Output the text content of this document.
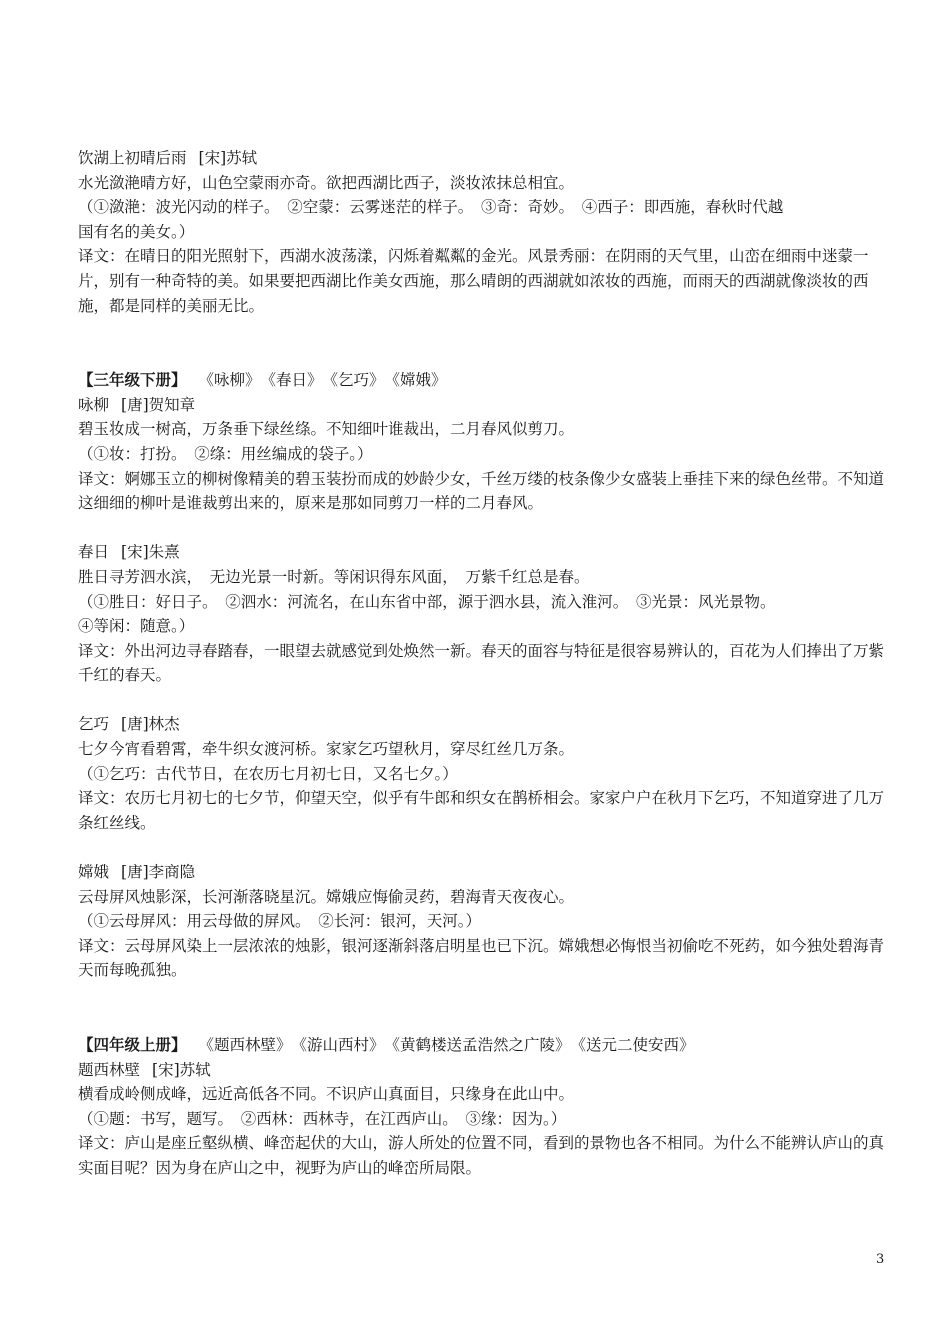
饮湖上初晴后雨 [宋]苏轼
水光潋滟晴方好，山色空蒙雨亦奇。欲把西湖比西子，淡妆浓抹总相宜。
（①潋滟：波光闪动的样子。　②空蒙：云雾迷茫的样子。　③奇：奇妙。　④西子：即西施，春秋时代越
国有名的美女。）
译文：在晴日的阳光照射下，西湖水波荡漾，闪烁着粼粼的金光。风景秀丽：在阴雨的天气里，山峦在细雨中迷蒙一片，别有一种奇特的美。如果要把西湖比作美女西施，那么晴朗的西湖就如浓妆的西施，而雨天的西湖就像淡妆的西施，都是同样的美丽无比。
【三年级下册】 《咏柳》　《春日》　《乞巧》　《嫦娥》
咏柳 [唐]贺知章
碧玉妆成一树高，万条垂下绿丝绦。不知细叶谁裁出，二月春风似剪刀。
（①妆：打扮。　②绦：用丝编成的袋子。）
译文：婀娜玉立的柳树像精美的碧玉装扮而成的妙龄少女，千丝万缕的枝条像少女盛装上垂挂下来的绿色丝带。不知道这细细的柳叶是谁裁剪出来的，原来是那如同剪刀一样的二月春风。
春日 [宋]朱熹
胜日寻芳泗水滨，　无边光景一时新。等闲识得东风面，　万紫千红总是春。
（①胜日：好日子。　②泗水：河流名，在山东省中部，源于泗水县，流入淮河。　③光景：风光景物。
④等闲：随意。）
译文：外出河边寻春踏春，一眼望去就感觉到处焕然一新。春天的面容与特征是很容易辨认的，百花为人们捧出了万紫千红的春天。
乞巧 [唐]林杰
七夕今宵看碧霄，牵牛织女渡河桥。家家乞巧望秋月，穿尽红丝几万条。
（①乞巧：古代节日，在农历七月初七日，又名七夕。）
译文：农历七月初七的七夕节，仰望天空，似乎有牛郎和织女在鹊桥相会。家家户户在秋月下乞巧，不知道穿进了几万条红丝线。
嫦娥 [唐]李商隐
云母屏风烛影深，长河渐落晓星沉。嫦娥应悔偷灵药，碧海青天夜夜心。
（①云母屏风：用云母做的屏风。　②长河：银河，天河。）
译文：云母屏风染上一层浓浓的烛影，银河逐渐斜落启明星也已下沉。嫦娥想必悔恨当初偷吃不死药，如今独处碧海青天而每晚孤独。
【四年级上册】 《题西林壁》　《游山西村》　《黄鹤楼送孟浩然之广陵》　《送元二使安西》
题西林壁 [宋]苏轼
横看成岭侧成峰，远近高低各不同。不识庐山真面目，只缘身在此山中。
（①题：书写，题写。　②西林：西林寺，在江西庐山。　③缘：因为。）
译文：庐山是座丘壑纵横、峰峦起伏的大山，游人所处的位置不同，看到的景物也各不相同。为什么不能辨认庐山的真实面目呢？因为身在庐山之中，视野为庐山的峰峦所局限。
3
